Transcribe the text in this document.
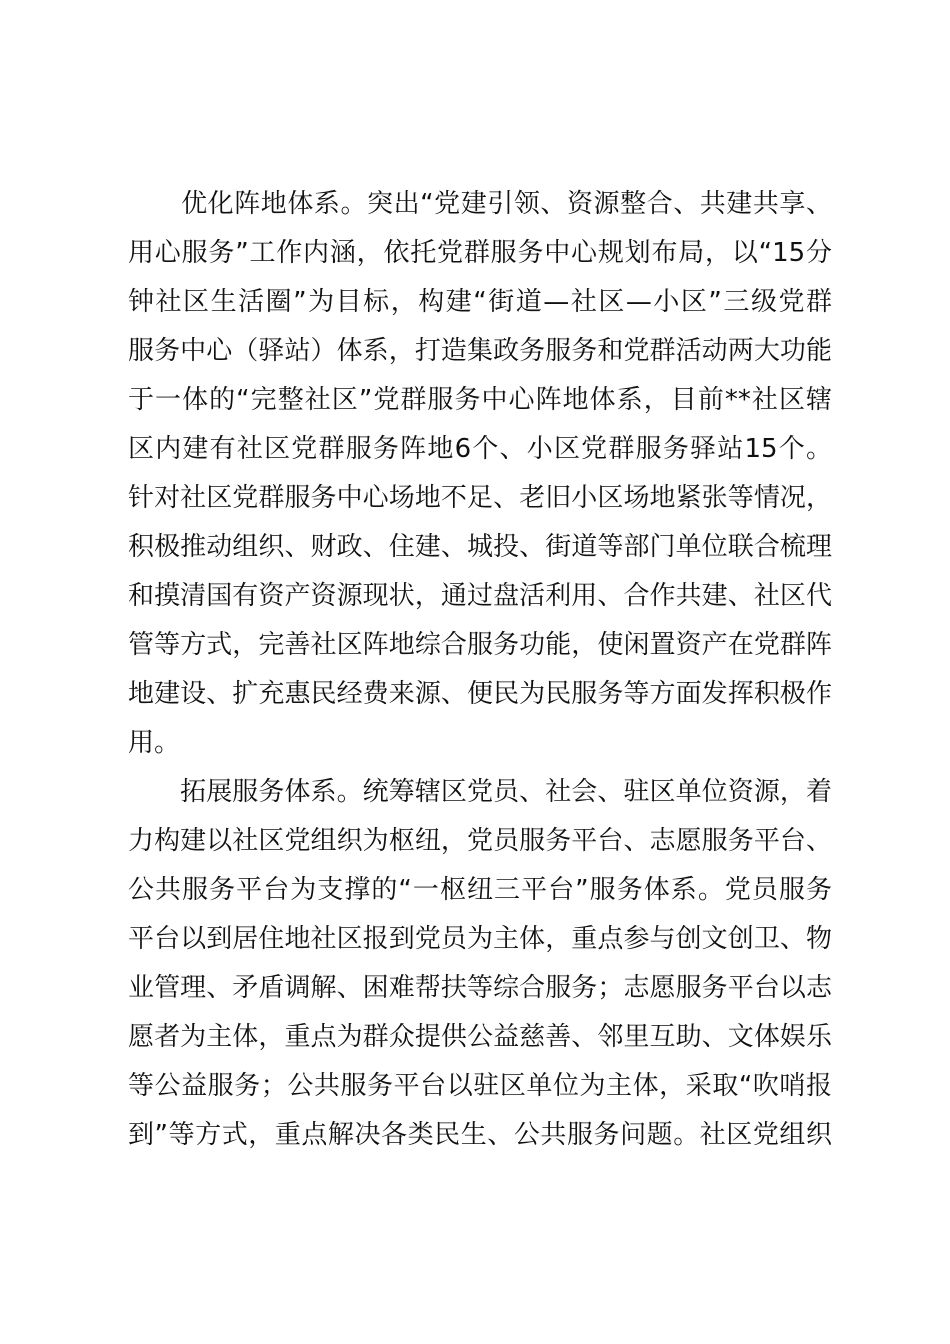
　　优化阵地体系。突出“党建引领、资源整合、共建共享、
用心服务”工作内涵，依托党群服务中心规划布局，以“15分
钟社区生活圈”为目标，构建“街道—社区—小区”三级党群
服务中心（驿站）体系，打造集政务服务和党群活动两大功能
于一体的“完整社区”党群服务中心阵地体系，目前**社区辖
区内建有社区党群服务阵地6个、小区党群服务驿站15个。
针对社区党群服务中心场地不足、老旧小区场地紧张等情况，
积极推动组织、财政、住建、城投、街道等部门单位联合梳理
和摸清国有资产资源现状，通过盘活利用、合作共建、社区代
管等方式，完善社区阵地综合服务功能，使闲置资产在党群阵
地建设、扩充惠民经费来源、便民为民服务等方面发挥积极作
用。
　　拓展服务体系。统筹辖区党员、社会、驻区单位资源，着
力构建以社区党组织为枢纽，党员服务平台、志愿服务平台、
公共服务平台为支撑的“一枢纽三平台”服务体系。党员服务
平台以到居住地社区报到党员为主体，重点参与创文创卫、物
业管理、矛盾调解、困难帮扶等综合服务；志愿服务平台以志
愿者为主体，重点为群众提供公益慈善、邻里互助、文体娱乐
等公益服务；公共服务平台以驻区单位为主体，采取“吹哨报
到”等方式，重点解决各类民生、公共服务问题。社区党组织
